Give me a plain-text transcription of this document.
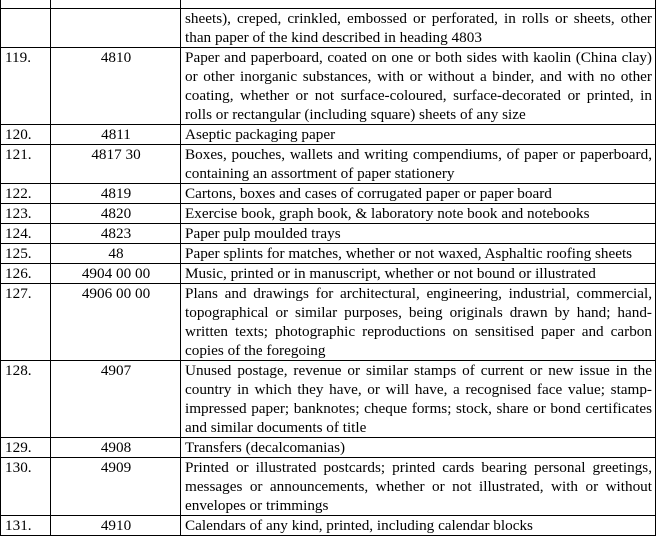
		sheets), creped, crinkled, embossed or perforated, in rolls or sheets, other than paper of the kind described in heading 4803
119.	4810	Paper and paperboard, coated on one or both sides with kaolin (China clay) or other inorganic substances, with or without a binder, and with no other coating, whether or not surface-coloured, surface-decorated or printed, in rolls or rectangular (including square) sheets of any size
120.	4811	Aseptic packaging paper
121.	4817 30	Boxes, pouches, wallets and writing compendiums, of paper or paperboard, containing an assortment of paper stationery
122.	4819	Cartons, boxes and cases of corrugated paper or paper board
123.	4820	Exercise book, graph book, & laboratory note book and notebooks
124.	4823	Paper pulp moulded trays
125.	48	Paper splints for matches, whether or not waxed, Asphaltic roofing sheets
126.	4904 00 00	Music, printed or in manuscript, whether or not bound or illustrated
127.	4906 00 00	Plans and drawings for architectural, engineering, industrial, commercial, topographical or similar purposes, being originals drawn by hand; hand-written texts; photographic reproductions on sensitised paper and carbon copies of the foregoing
128.	4907	Unused postage, revenue or similar stamps of current or new issue in the country in which they have, or will have, a recognised face value; stamp-impressed paper; banknotes; cheque forms; stock, share or bond certificates and similar documents of title
129.	4908	Transfers (decalcomanias)
130.	4909	Printed or illustrated postcards; printed cards bearing personal greetings, messages or announcements, whether or not illustrated, with or without envelopes or trimmings
131.	4910	Calendars of any kind, printed, including calendar blocks
